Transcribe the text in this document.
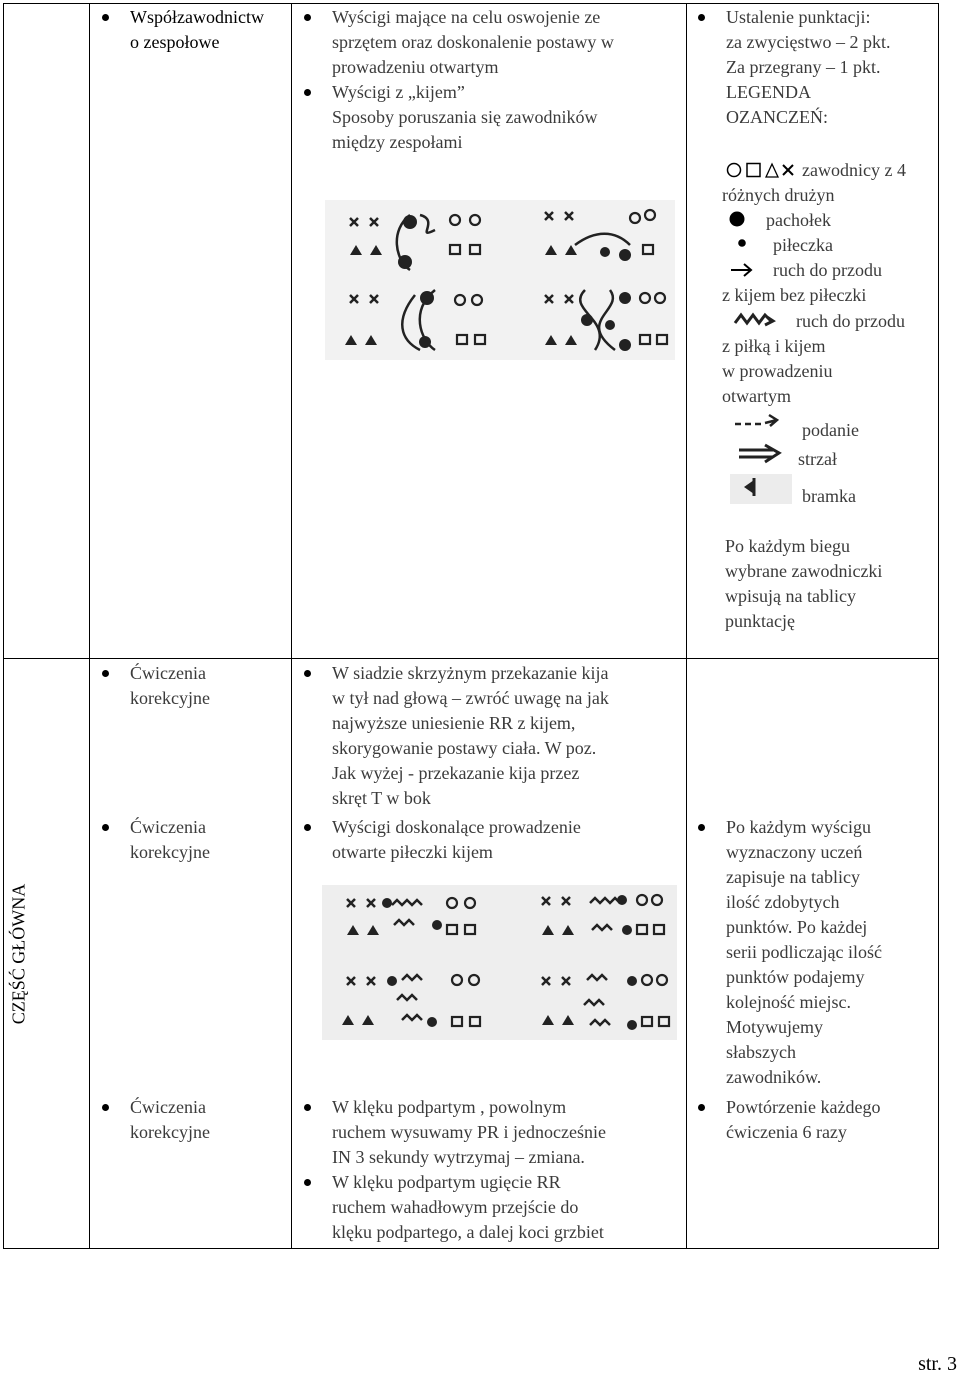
CZĘŚĆ GŁÓWNA
Współzawodnictw
o zespołowe
Wyścigi mające na celu oswojenie ze
sprzętem oraz doskonalenie postawy w
prowadzeniu otwartym
Wyścigi z „kijem”
Sposoby poruszania się zawodników
między zespołami
Ustalenie punktacji:
za zwycięstwo – 2 pkt.
Za przegrany – 1 pkt.
LEGENDA
OZANCZEŃ:
zawodnicy z 4
różnych drużyn
pachołek
piłeczka
ruch do przodu
z kijem bez piłeczki
ruch do przodu
z piłką i kijem
w prowadzeniu
otwartym
podanie
strzał
bramka
Po każdym biegu
wybrane zawodniczki
wpisują na tablicy
punktację
Ćwiczenia
korekcyjne
Ćwiczenia
korekcyjne
Ćwiczenia
korekcyjne
W siadzie skrzyżnym przekazanie kija
w tył nad głową – zwróć uwagę na jak
najwyższe uniesienie RR z kijem,
skorygowanie postawy ciała. W poz.
Jak wyżej - przekazanie kija przez
skręt T w bok
Wyścigi doskonalące prowadzenie
otwarte piłeczki kijem
W klęku podpartym , powolnym
ruchem wysuwamy PR i jednocześnie
IN 3 sekundy wytrzymaj – zmiana.
W klęku podpartym ugięcie RR
ruchem wahadłowym przejście do
klęku podpartego, a dalej koci grzbiet
Po każdym wyścigu
wyznaczony uczeń
zapisuje na tablicy
ilość zdobytych
punktów. Po każdej
serii podliczając ilość
punktów podajemy
kolejność miejsc.
Motywujemy
słabszych
zawodników.
Powtórzenie każdego
ćwiczenia 6 razy
str. 3
